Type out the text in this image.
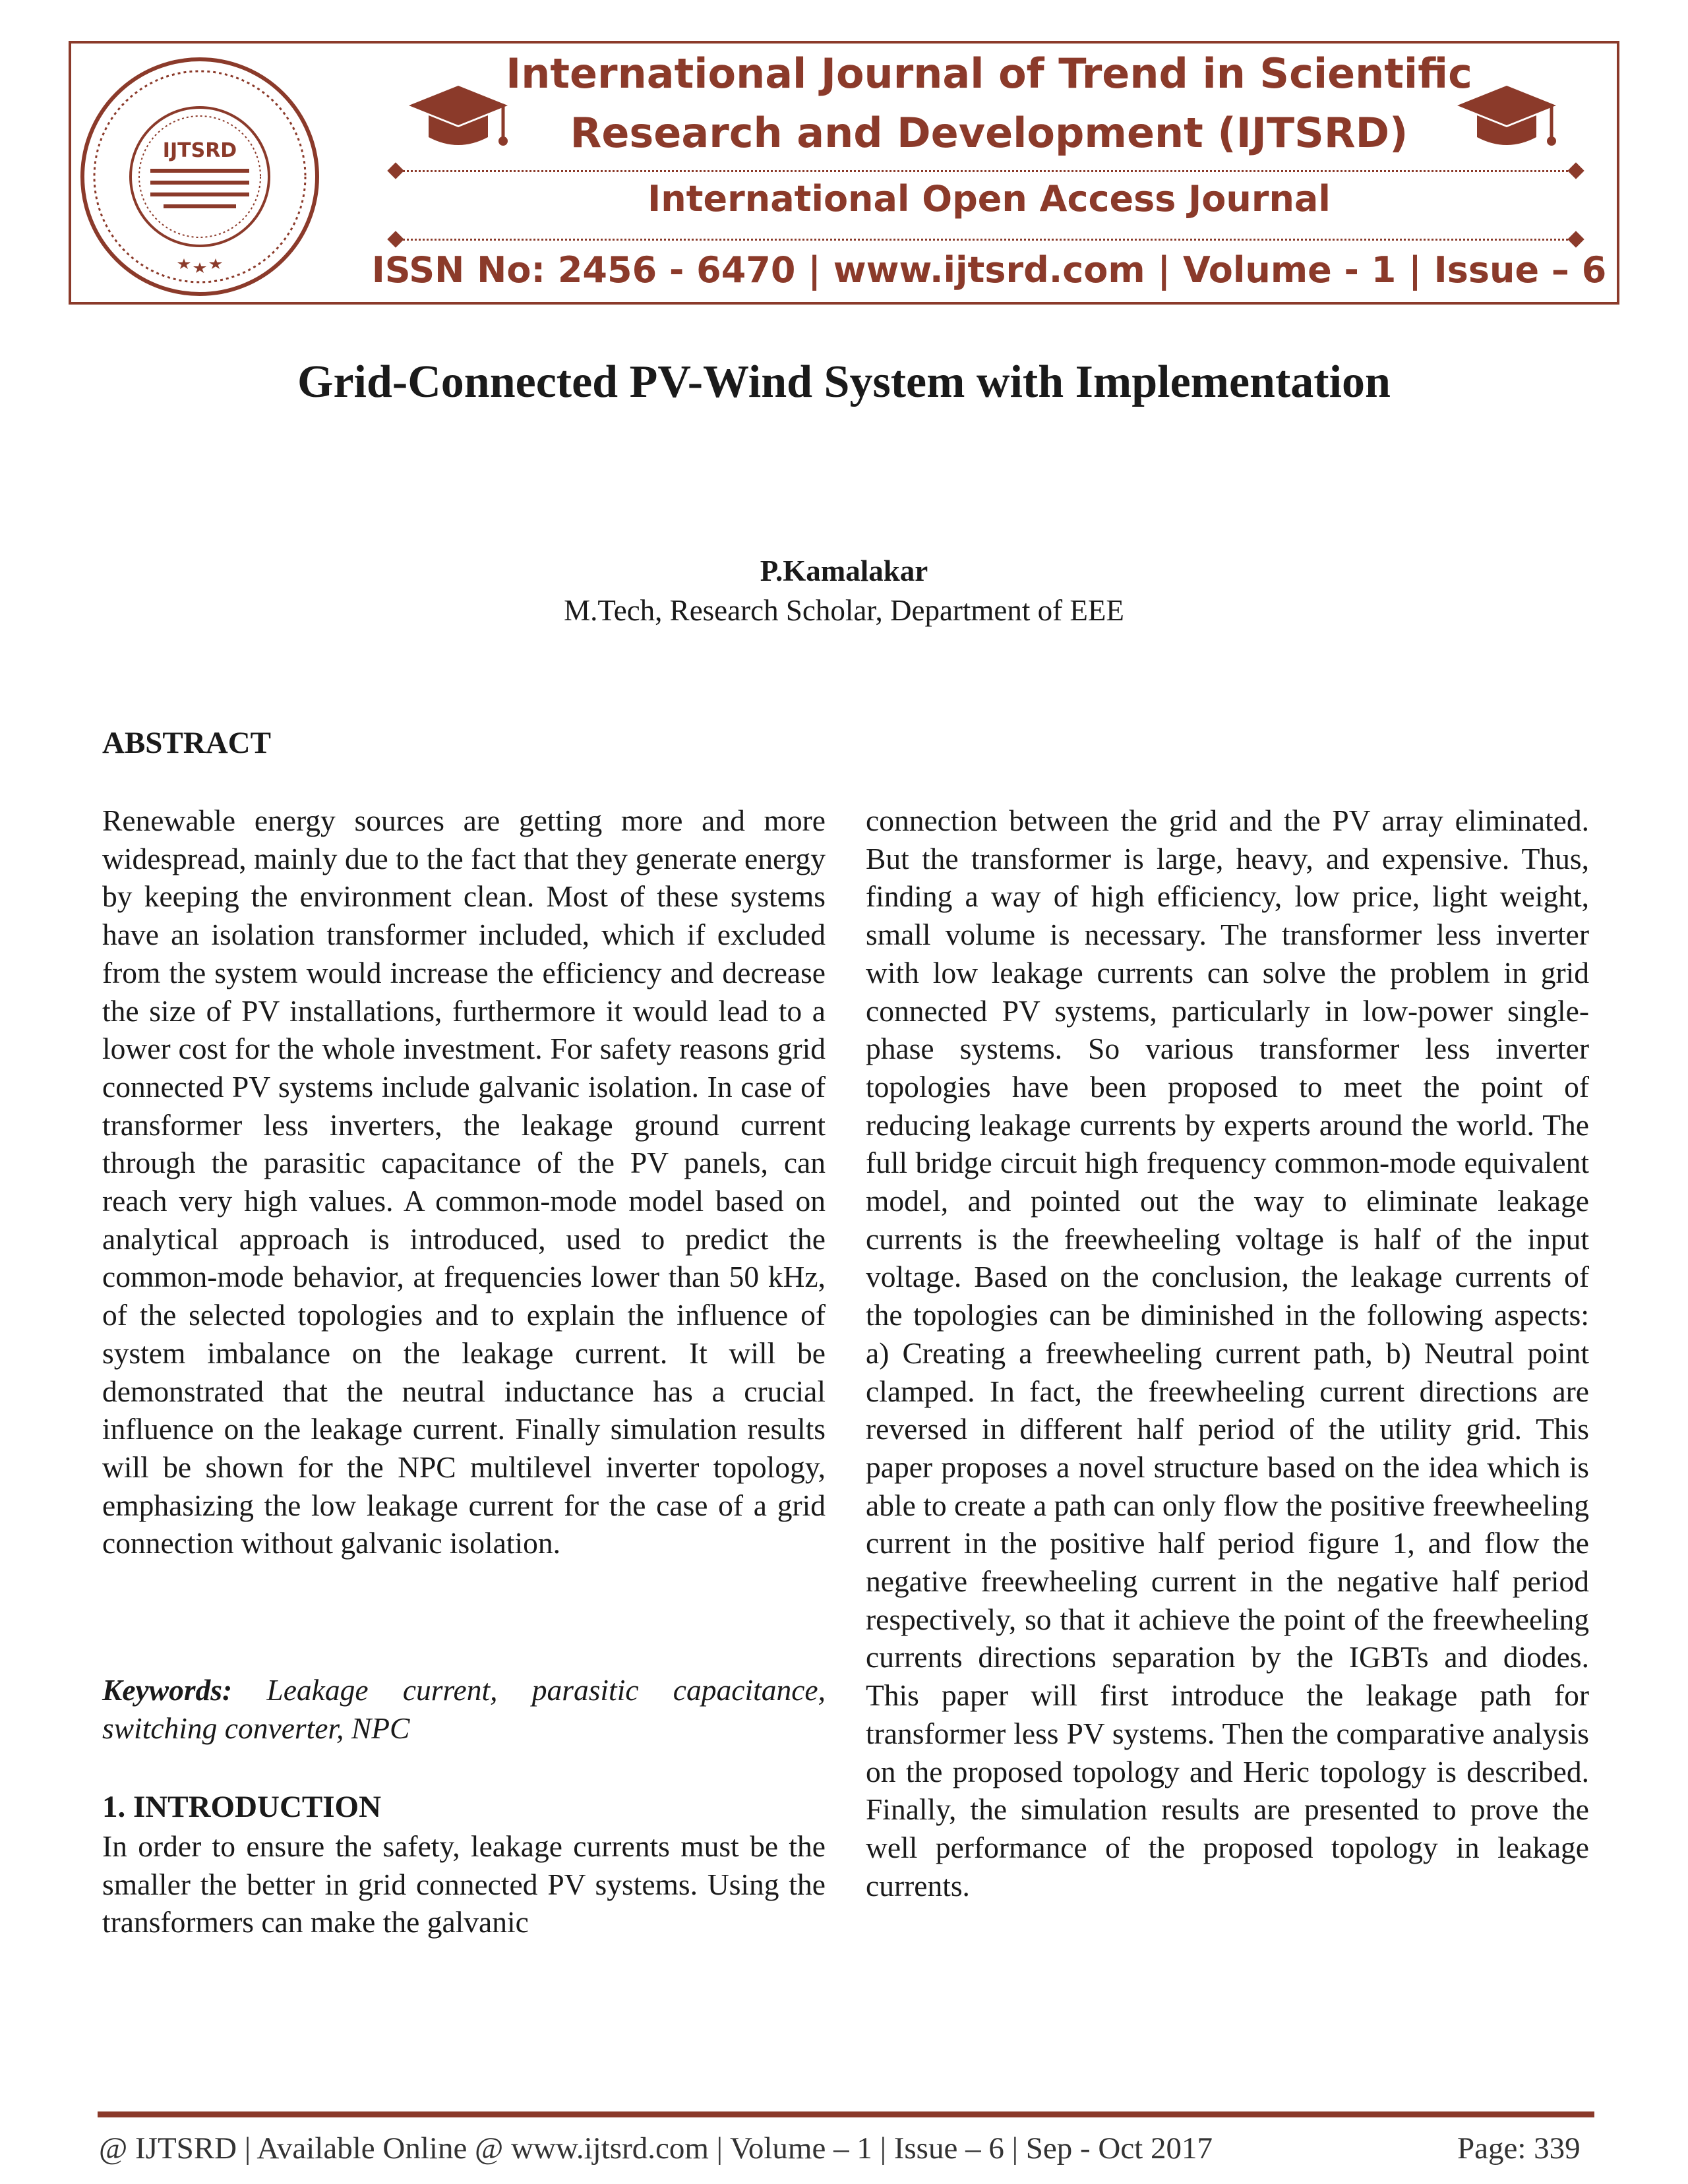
IJTSRD
International Journal of Trend in Scientific
Research and Development (IJTSRD)
International Open Access Journal
ISSN No: 2456 - 6470 | www.ijtsrd.com | Volume - 1 | Issue – 6
Grid-Connected PV-Wind System with Implementation
P.Kamalakar
M.Tech, Research Scholar, Department of EEE
ABSTRACT
Renewable energy sources are getting more and more widespread, mainly due to the fact that they generate energy by keeping the environment clean. Most of these systems have an isolation transformer included, which if excluded from the system would increase the efficiency and decrease the size of PV installations, furthermore it would lead to a lower cost for the whole investment. For safety reasons grid connected PV systems include galvanic isolation. In case of transformer less inverters, the leakage ground current through the parasitic capacitance of the PV panels, can reach very high values. A common-mode model based on analytical approach is introduced, used to predict the common-mode behavior, at frequencies lower than 50 kHz, of the selected topologies and to explain the influence of system imbalance on the leakage current. It will be demonstrated that the neutral inductance has a crucial influence on the leakage current. Finally simulation results will be shown for the NPC multilevel inverter topology, emphasizing the low leakage current for the case of a grid connection without galvanic isolation.
Keywords: Leakage current, parasitic capacitance, switching converter, NPC
1. INTRODUCTION
In order to ensure the safety, leakage currents must be the smaller the better in grid connected PV systems. Using the transformers can make the galvanic
connection between the grid and the PV array eliminated. But the transformer is large, heavy, and expensive. Thus, finding a way of high efficiency, low price, light weight, small volume is necessary. The transformer less inverter with low leakage currents can solve the problem in grid connected PV systems, particularly in low-power single-phase systems. So various transformer less inverter topologies have been proposed to meet the point of reducing leakage currents by experts around the world. The full bridge circuit high frequency common-mode equivalent model, and pointed out the way to eliminate leakage currents is the freewheeling voltage is half of the input voltage. Based on the conclusion, the leakage currents of the topologies can be diminished in the following aspects: a) Creating a freewheeling current path, b) Neutral point clamped. In fact, the freewheeling current directions are reversed in different half period of the utility grid. This paper proposes a novel structure based on the idea which is able to create a path can only flow the positive freewheeling current in the positive half period figure 1, and flow the negative freewheeling current in the negative half period respectively, so that it achieve the point of the freewheeling currents directions separation by the IGBTs and diodes. This paper will first introduce the leakage path for transformer less PV systems. Then the comparative analysis on the proposed topology and Heric topology is described. Finally, the simulation results are presented to prove the well performance of the proposed topology in leakage currents.
@ IJTSRD | Available Online @ www.ijtsrd.com | Volume – 1 | Issue – 6 | Sep - Oct 2017	Page: 339
